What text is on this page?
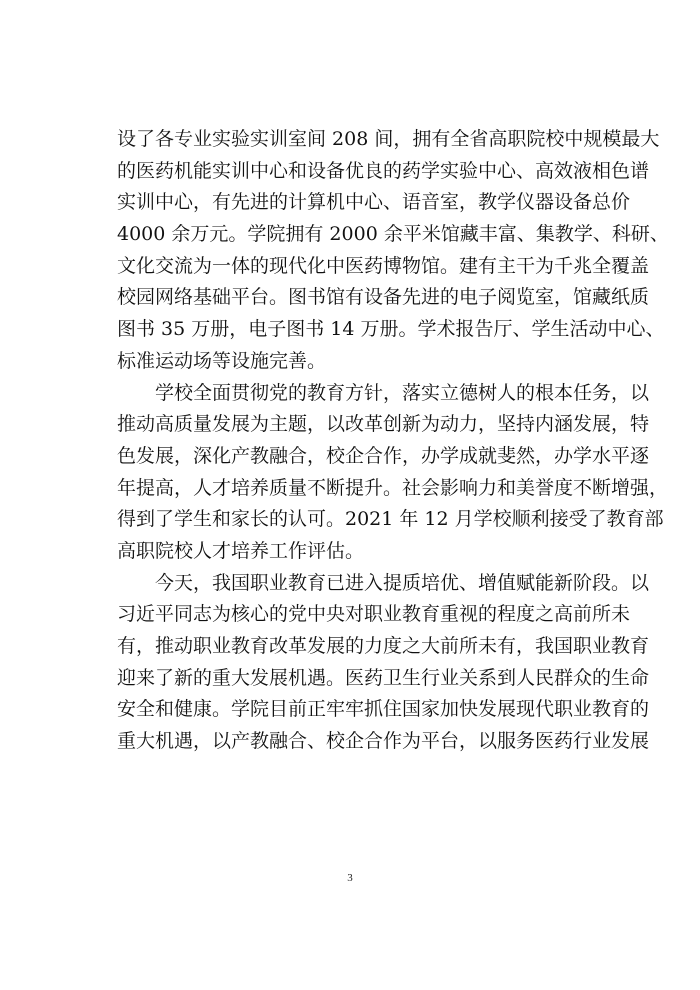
设了各专业实验实训室间 208 间，拥有全省高职院校中规模最大
的医药机能实训中心和设备优良的药学实验中心、高效液相色谱
实训中心，有先进的计算机中心、语音室，教学仪器设备总价
4000 余万元。学院拥有 2000 余平米馆藏丰富、集教学、科研、
文化交流为一体的现代化中医药博物馆。建有主干为千兆全覆盖
校园网络基础平台。图书馆有设备先进的电子阅览室，馆藏纸质
图书 35 万册，电子图书 14 万册。学术报告厅、学生活动中心、
标准运动场等设施完善。
学校全面贯彻党的教育方针，落实立德树人的根本任务，以
推动高质量发展为主题，以改革创新为动力，坚持内涵发展，特
色发展，深化产教融合，校企合作，办学成就斐然，办学水平逐
年提高，人才培养质量不断提升。社会影响力和美誉度不断增强，
得到了学生和家长的认可。2021 年 12 月学校顺利接受了教育部
高职院校人才培养工作评估。
今天，我国职业教育已进入提质培优、增值赋能新阶段。以
习近平同志为核心的党中央对职业教育重视的程度之高前所未
有，推动职业教育改革发展的力度之大前所未有，我国职业教育
迎来了新的重大发展机遇。医药卫生行业关系到人民群众的生命
安全和健康。学院目前正牢牢抓住国家加快发展现代职业教育的
重大机遇，以产教融合、校企合作为平台，以服务医药行业发展
3
